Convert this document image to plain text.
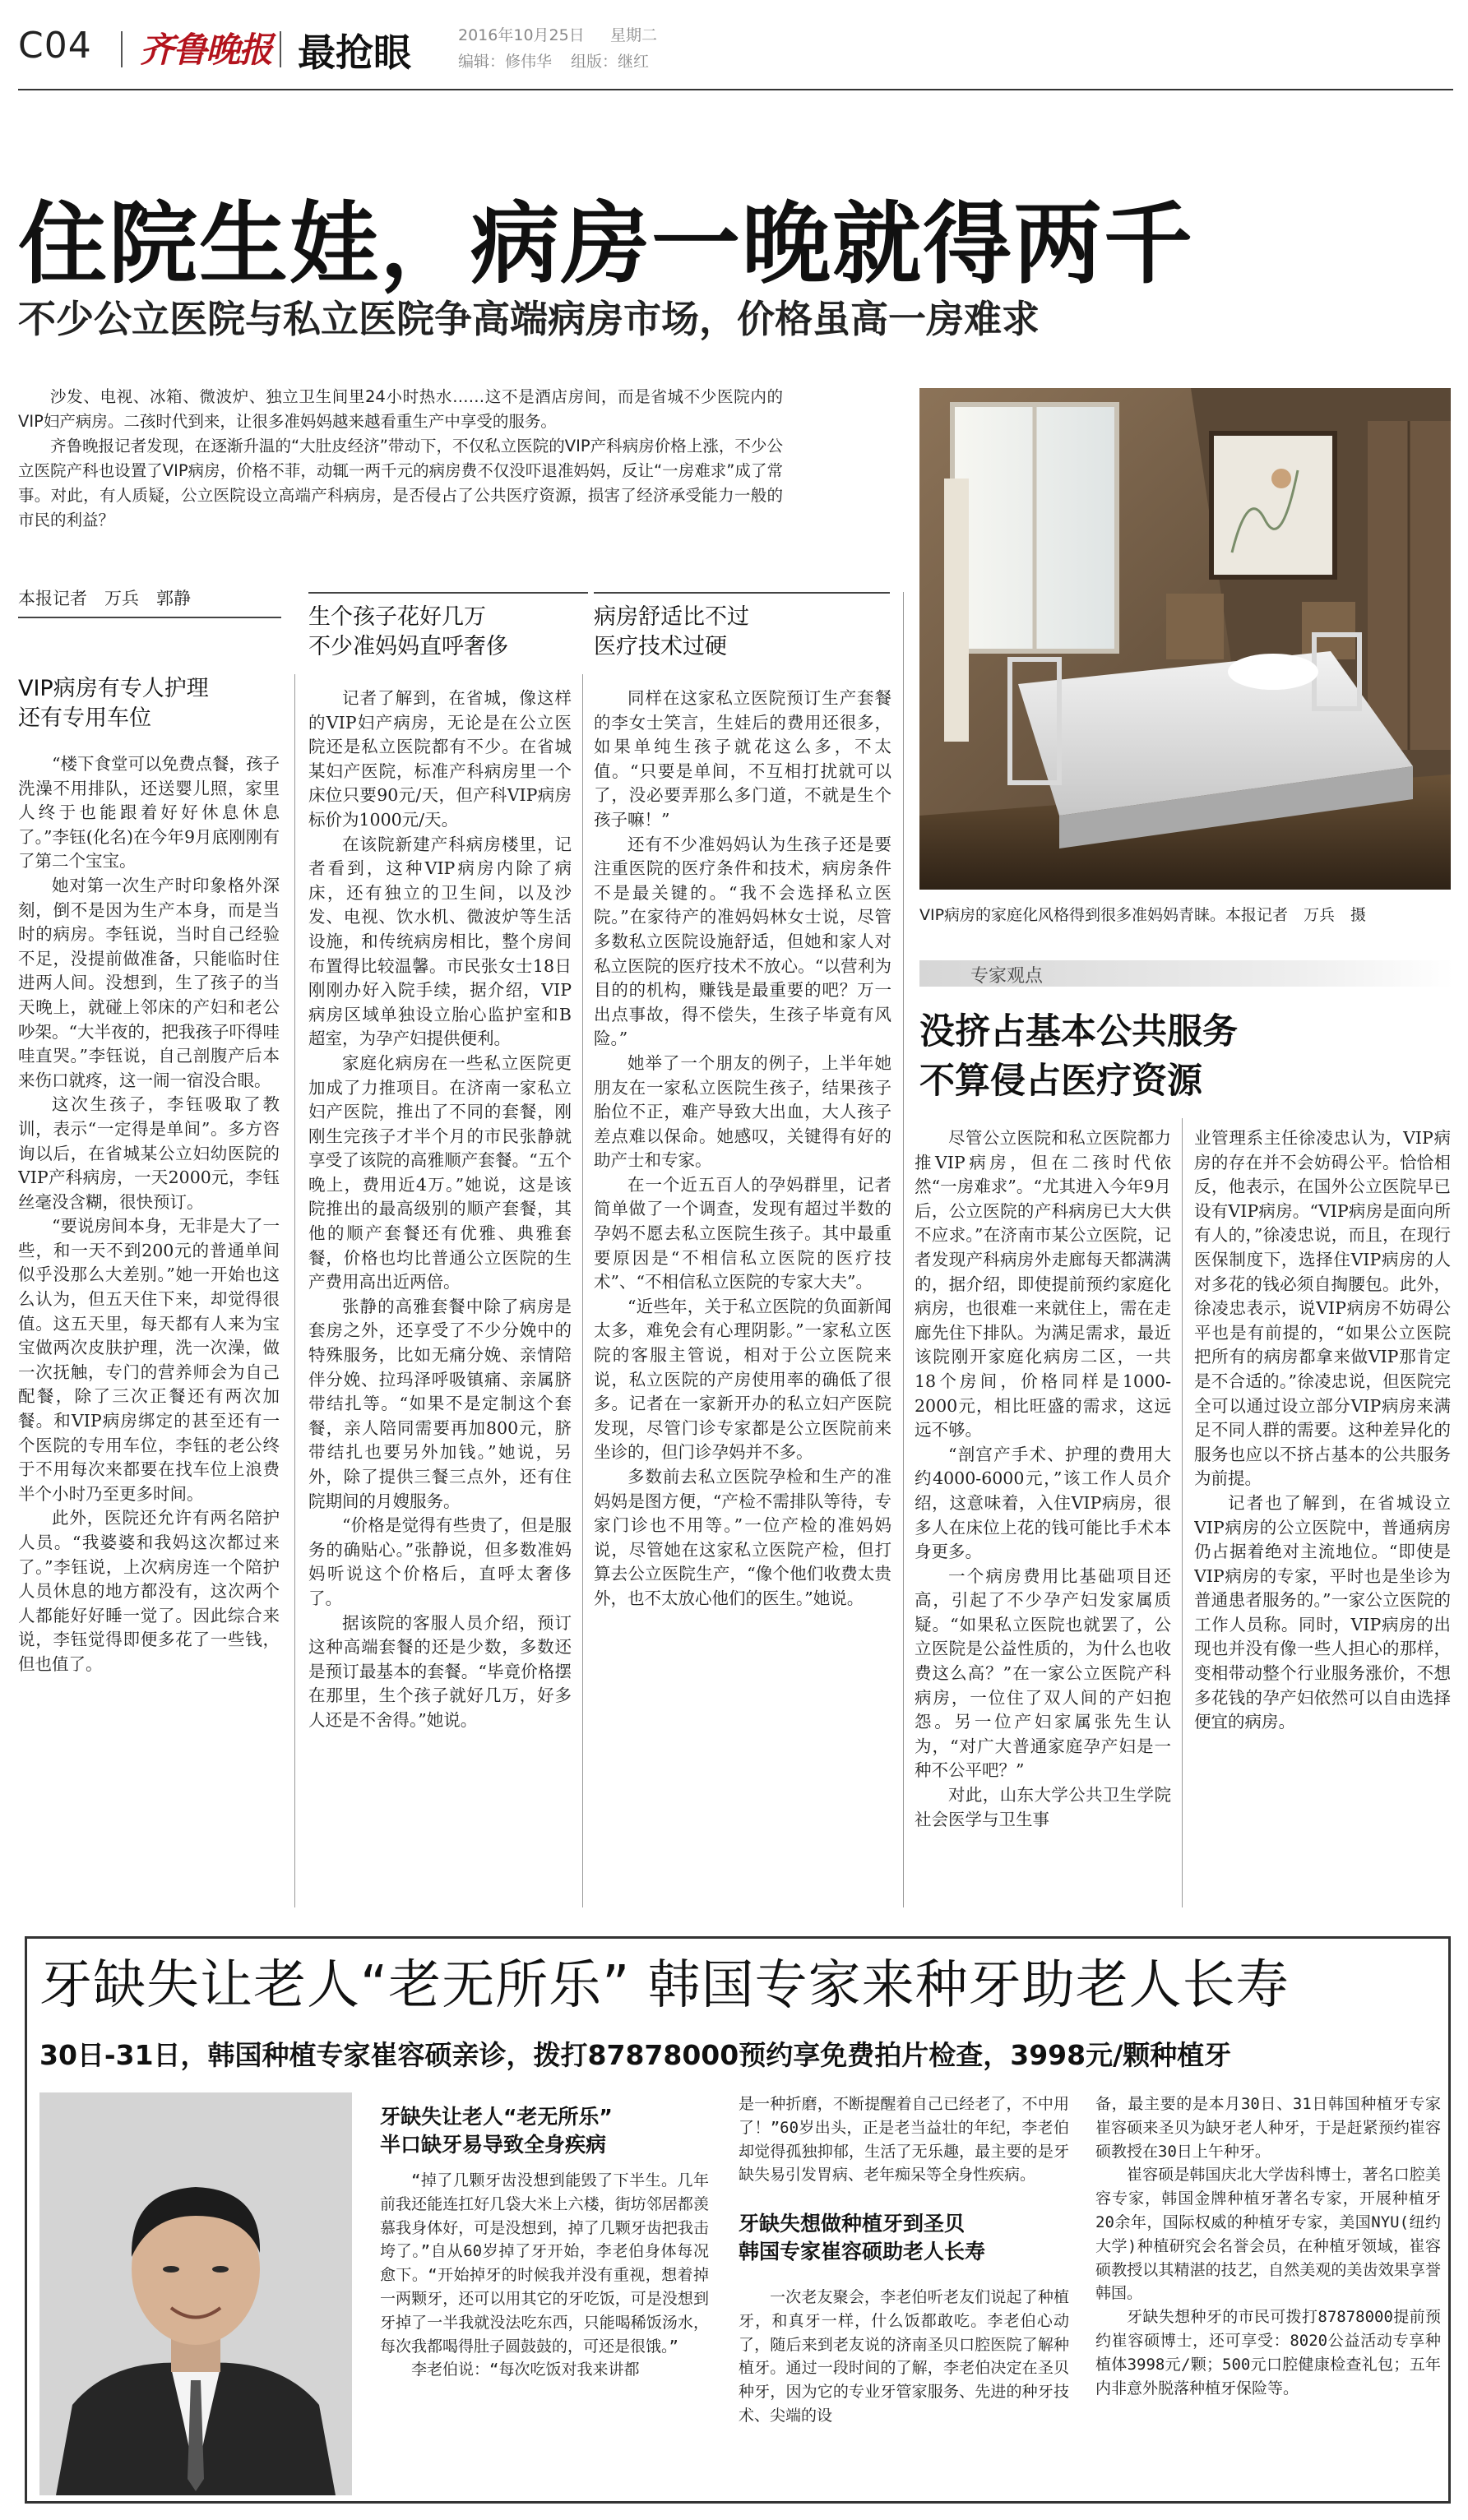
C04 齐鲁晚报 最抢眼	2016年10月25日 星期二
编辑：修伟华 组版：继红
住院生娃，病房一晚就得两千
不少公立医院与私立医院争高端病房市场，价格虽高一房难求

沙发、电视、冰箱、微波炉、独立卫生间里24小时热水……这不是酒店房间，而是省城不少医院内的VIP妇产病房。二孩时代到来，让很多准妈妈越来越看重生产中享受的服务。

齐鲁晚报记者发现，在逐渐升温的“大肚皮经济”带动下，不仅私立医院的VIP产科病房价格上涨，不少公立医院产科也设置了VIP病房，价格不菲，动辄一两千元的病房费不仅没吓退准妈妈，反让“一房难求”成了常事。对此，有人质疑，公立医院设立高端产科病房，是否侵占了公共医疗资源，损害了经济承受能力一般的市民的利益？

VIP病房的家庭化风格得到很多准妈妈青睐。本报记者　万兵　摄
本报记者　万兵　郭静
VIP病房有专人护理
还有专用车位
生个孩子花好几万
不少准妈妈直呼奢侈
病房舒适比不过
医疗技术过硬

“楼下食堂可以免费点餐，孩子洗澡不用排队，还送婴儿照，家里人终于也能跟着好好休息休息了。”李钰(化名)在今年9月底刚刚有了第二个宝宝。

她对第一次生产时印象格外深刻，倒不是因为生产本身，而是当时的病房。李钰说，当时自己经验不足，没提前做准备，只能临时住进两人间。没想到，生了孩子的当天晚上，就碰上邻床的产妇和老公吵架。“大半夜的，把我孩子吓得哇哇直哭。”李钰说，自己剖腹产后本来伤口就疼，这一闹一宿没合眼。

这次生孩子，李钰吸取了教训，表示“一定得是单间”。多方咨询以后，在省城某公立妇幼医院的VIP产科病房，一天2000元，李钰丝毫没含糊，很快预订。

“要说房间本身，无非是大了一些，和一天不到200元的普通单间似乎没那么大差别。”她一开始也这么认为，但五天住下来，却觉得很值。这五天里，每天都有人来为宝宝做两次皮肤护理，洗一次澡，做一次抚触，专门的营养师会为自己配餐，除了三次正餐还有两次加餐。和VIP病房绑定的甚至还有一个医院的专用车位，李钰的老公终于不用每次来都要在找车位上浪费半个小时乃至更多时间。

此外，医院还允许有两名陪护人员。“我婆婆和我妈这次都过来了。”李钰说，上次病房连一个陪护人员休息的地方都没有，这次两个人都能好好睡一觉了。因此综合来说，李钰觉得即便多花了一些钱，但也值了。

记者了解到，在省城，像这样的VIP妇产病房，无论是在公立医院还是私立医院都有不少。在省城某妇产医院，标准产科病房里一个床位只要90元/天，但产科VIP病房标价为1000元/天。

在该院新建产科病房楼里，记者看到，这种VIP病房内除了病床，还有独立的卫生间，以及沙发、电视、饮水机、微波炉等生活设施，和传统病房相比，整个房间布置得比较温馨。市民张女士18日刚刚办好入院手续，据介绍，VIP病房区域单独设立胎心监护室和B超室，为孕产妇提供便利。

家庭化病房在一些私立医院更加成了力推项目。在济南一家私立妇产医院，推出了不同的套餐，刚刚生完孩子才半个月的市民张静就享受了该院的高雅顺产套餐。“五个晚上，费用近4万。”她说，这是该院推出的最高级别的顺产套餐，其他的顺产套餐还有优雅、典雅套餐，价格也均比普通公立医院的生产费用高出近两倍。

张静的高雅套餐中除了病房是套房之外，还享受了不少分娩中的特殊服务，比如无痛分娩、亲情陪伴分娩、拉玛泽呼吸镇痛、亲属脐带结扎等。“如果不是定制这个套餐，亲人陪同需要再加800元，脐带结扎也要另外加钱。”她说，另外，除了提供三餐三点外，还有住院期间的月嫂服务。

“价格是觉得有些贵了，但是服务的确贴心。”张静说，但多数准妈妈听说这个价格后，直呼太奢侈了。

据该院的客服人员介绍，预订这种高端套餐的还是少数，多数还是预订最基本的套餐。“毕竟价格摆在那里，生个孩子就好几万，好多人还是不舍得。”她说。

同样在这家私立医院预订生产套餐的李女士笑言，生娃后的费用还很多，如果单纯生孩子就花这么多，不太值。“只要是单间，不互相打扰就可以了，没必要弄那么多门道，不就是生个孩子嘛！”

还有不少准妈妈认为生孩子还是要注重医院的医疗条件和技术，病房条件不是最关键的。“我不会选择私立医院。”在家待产的准妈妈林女士说，尽管多数私立医院设施舒适，但她和家人对私立医院的医疗技术不放心。“以营利为目的的机构，赚钱是最重要的吧？万一出点事故，得不偿失，生孩子毕竟有风险。”

她举了一个朋友的例子，上半年她朋友在一家私立医院生孩子，结果孩子胎位不正，难产导致大出血，大人孩子差点难以保命。她感叹，关键得有好的助产士和专家。

在一个近五百人的孕妈群里，记者简单做了一个调查，发现有超过半数的孕妈不愿去私立医院生孩子。其中最重要原因是“不相信私立医院的医疗技术”、“不相信私立医院的专家大夫”。

“近些年，关于私立医院的负面新闻太多，难免会有心理阴影。”一家私立医院的客服主管说，相对于公立医院来说，私立医院的产房使用率的确低了很多。记者在一家新开办的私立妇产医院发现，尽管门诊专家都是公立医院前来坐诊的，但门诊孕妈并不多。

多数前去私立医院孕检和生产的准妈妈是图方便，“产检不需排队等待，专家门诊也不用等。”一位产检的准妈妈说，尽管她在这家私立医院产检，但打算去公立医院生产，“像个他们收费太贵外，也不太放心他们的医生。”她说。

专家观点
没挤占基本公共服务
不算侵占医疗资源

尽管公立医院和私立医院都力推VIP病房，但在二孩时代依然“一房难求”。“尤其进入今年9月后，公立医院的产科病房已大大供不应求。”在济南市某公立医院，记者发现产科病房外走廊每天都满满的，据介绍，即使提前预约家庭化病房，也很难一来就住上，需在走廊先住下排队。为满足需求，最近该院刚开家庭化病房二区，一共18个房间，价格同样是1000-2000元，相比旺盛的需求，这远远不够。

“剖宫产手术、护理的费用大约4000-6000元，”该工作人员介绍，这意味着，入住VIP病房，很多人在床位上花的钱可能比手术本身更多。

一个病房费用比基础项目还高，引起了不少孕产妇发家属质疑。“如果私立医院也就罢了，公立医院是公益性质的，为什么也收费这么高？”在一家公立医院产科病房，一位住了双人间的产妇抱怨。另一位产妇家属张先生认为，“对广大普通家庭孕产妇是一种不公平吧？”

对此，山东大学公共卫生学院社会医学与卫生事

业管理系主任徐凌忠认为，VIP病房的存在并不会妨碍公平。恰恰相反，他表示，在国外公立医院早已设有VIP病房。“VIP病房是面向所有人的，”徐凌忠说，而且，在现行医保制度下，选择住VIP病房的人对多花的钱必须自掏腰包。此外，徐凌忠表示，说VIP病房不妨碍公平也是有前提的，“如果公立医院把所有的病房都拿来做VIP那肯定是不合适的。”徐凌忠说，但医院完全可以通过设立部分VIP病房来满足不同人群的需要。这种差异化的服务也应以不挤占基本的公共服务为前提。

记者也了解到，在省城设立VIP病房的公立医院中，普通病房仍占据着绝对主流地位。“即使是VIP病房的专家，平时也是坐诊为普通患者服务的。”一家公立医院的工作人员称。同时，VIP病房的出现也并没有像一些人担心的那样，变相带动整个行业服务涨价，不想多花钱的孕产妇依然可以自由选择便宜的病房。

牙缺失让老人“老无所乐” 韩国专家来种牙助老人长寿
30日-31日，韩国种植专家崔容硕亲诊，拨打87878000预约享免费拍片检查，3998元/颗种植牙
牙缺失让老人“老无所乐”
半口缺牙易导致全身疾病

“掉了几颗牙齿没想到能毁了下半生。几年前我还能连扛好几袋大米上六楼，街坊邻居都羡慕我身体好，可是没想到，掉了几颗牙齿把我击垮了。”自从60岁掉了牙开始，李老伯身体每况愈下。“开始掉牙的时候我并没有重视，想着掉一两颗牙，还可以用其它的牙吃饭，可是没想到牙掉了一半我就没法吃东西，只能喝稀饭汤水，每次我都喝得肚子圆鼓鼓的，可还是很饿。”

李老伯说：“每次吃饭对我来讲都

是一种折磨，不断提醒着自己已经老了，不中用了！”60岁出头，正是老当益壮的年纪，李老伯却觉得孤独抑郁，生活了无乐趣，最主要的是牙缺失易引发胃病、老年痴呆等全身性疾病。

牙缺失想做种植牙到圣贝
韩国专家崔容硕助老人长寿

一次老友聚会，李老伯听老友们说起了种植牙，和真牙一样，什么饭都敢吃。李老伯心动了，随后来到老友说的济南圣贝口腔医院了解种植牙。通过一段时间的了解，李老伯决定在圣贝种牙，因为它的专业牙管家服务、先进的种牙技术、尖端的设

备，最主要的是本月30日、31日韩国种植牙专家崔容硕来圣贝为缺牙老人种牙，于是赶紧预约崔容硕教授在30日上午种牙。

崔容硕是韩国庆北大学齿科博士，著名口腔美容专家，韩国金牌种植牙著名专家，开展种植牙20余年，国际权威的种植牙专家，美国NYU(纽约大学)种植研究会名誉会员，在种植牙领域，崔容硕教授以其精湛的技艺，自然美观的美齿效果享誉韩国。

牙缺失想种牙的市民可拨打87878000提前预约崔容硕博士，还可享受：8020公益活动专享种植体3998元/颗；500元口腔健康检查礼包；五年内非意外脱落种植牙保险等。
